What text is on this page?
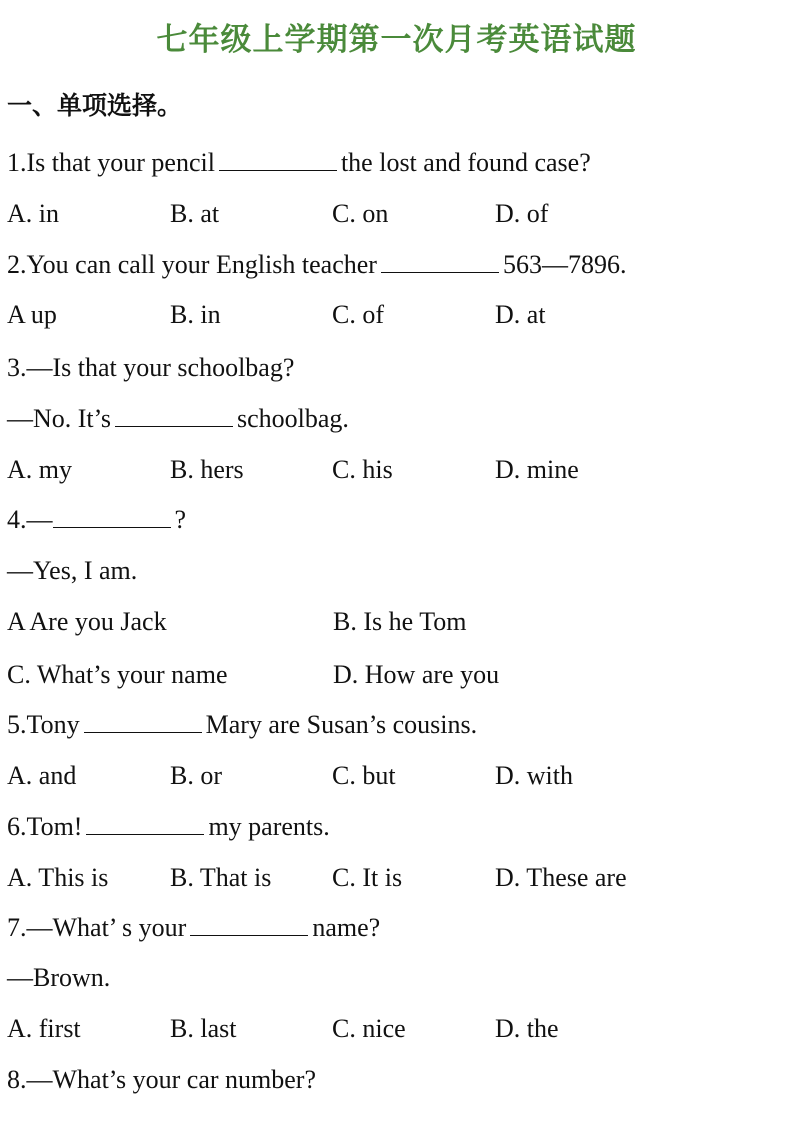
七年级上学期第一次月考英语试题
一、单项选择。
1.Is that your pencil	the lost and found case?
A. in	B. at	C. on	D. of
2.You can call your English teacher	563—7896.
A up	B. in	C. of	D. at
3.—Is that your schoolbag?
—No. It’s	schoolbag.
A. my	B. hers	C. his	D. mine
4.—	?
—Yes, I am.
A Are you Jack	B. Is he Tom
C. What’s your name	D. How are you
5.Tony	Mary are Susan’s cousins.
A. and	B. or	C. but	D. with
6.Tom!	my parents.
A. This is B. That is C. It is	D. These are
7.—What’ s your	name?
—Brown.
A. first	B. last	C. nice	D. the
8.—What’s your car number?
